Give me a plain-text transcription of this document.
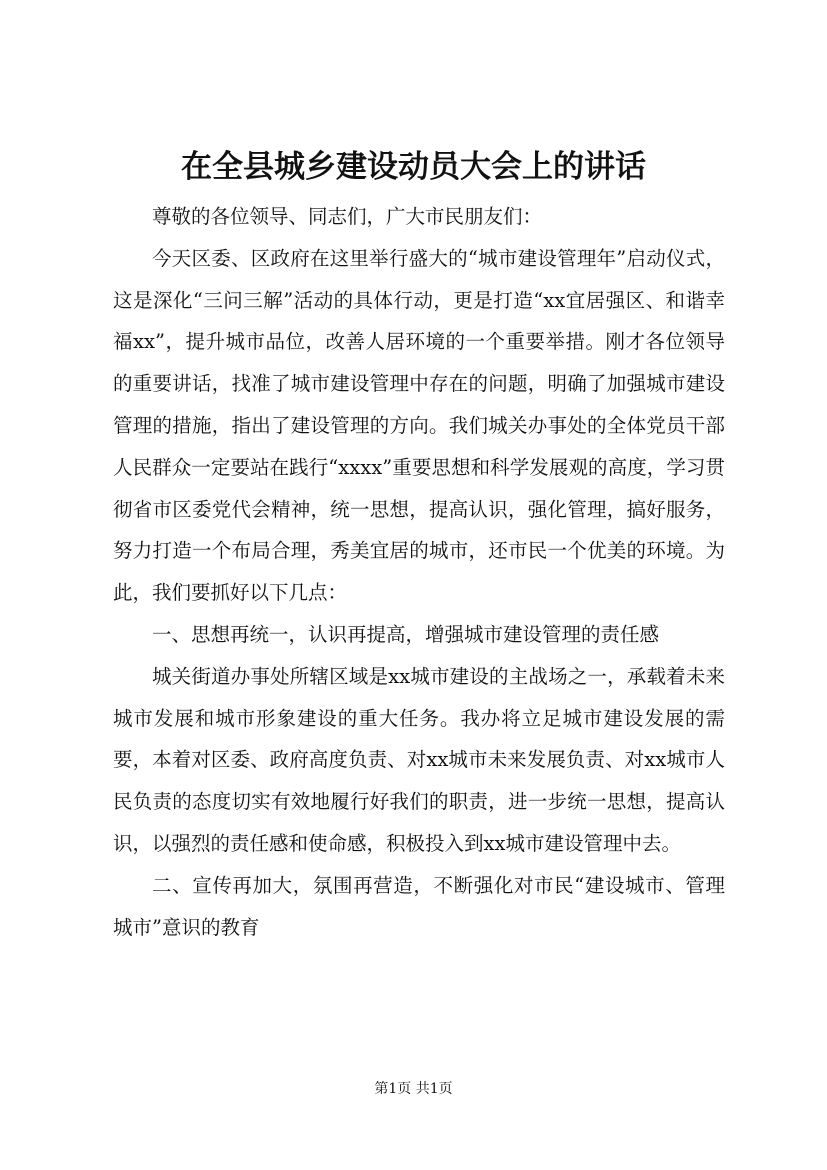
在全县城乡建设动员大会上的讲话

尊敬的各位领导、同志们，广大市民朋友们：

今天区委、区政府在这里举行盛大的“城市建设管理年”启动仪式，这是深化“三问三解”活动的具体行动，更是打造“xx宜居强区、和谐幸福xx”，提升城市品位，改善人居环境的一个重要举措。刚才各位领导的重要讲话，找准了城市建设管理中存在的问题，明确了加强城市建设管理的措施，指出了建设管理的方向。我们城关办事处的全体党员干部人民群众一定要站在践行“xxxx”重要思想和科学发展观的高度，学习贯彻省市区委党代会精神，统一思想，提高认识，强化管理，搞好服务，努力打造一个布局合理，秀美宜居的城市，还市民一个优美的环境。为此，我们要抓好以下几点：

一、思想再统一，认识再提高，增强城市建设管理的责任感

城关街道办事处所辖区域是xx城市建设的主战场之一，承载着未来城市发展和城市形象建设的重大任务。我办将立足城市建设发展的需要，本着对区委、政府高度负责、对xx城市未来发展负责、对xx城市人民负责的态度切实有效地履行好我们的职责，进一步统一思想，提高认识，以强烈的责任感和使命感，积极投入到xx城市建设管理中去。

二、宣传再加大，氛围再营造，不断强化对市民“建设城市、管理城市”意识的教育

第1页 共1页
